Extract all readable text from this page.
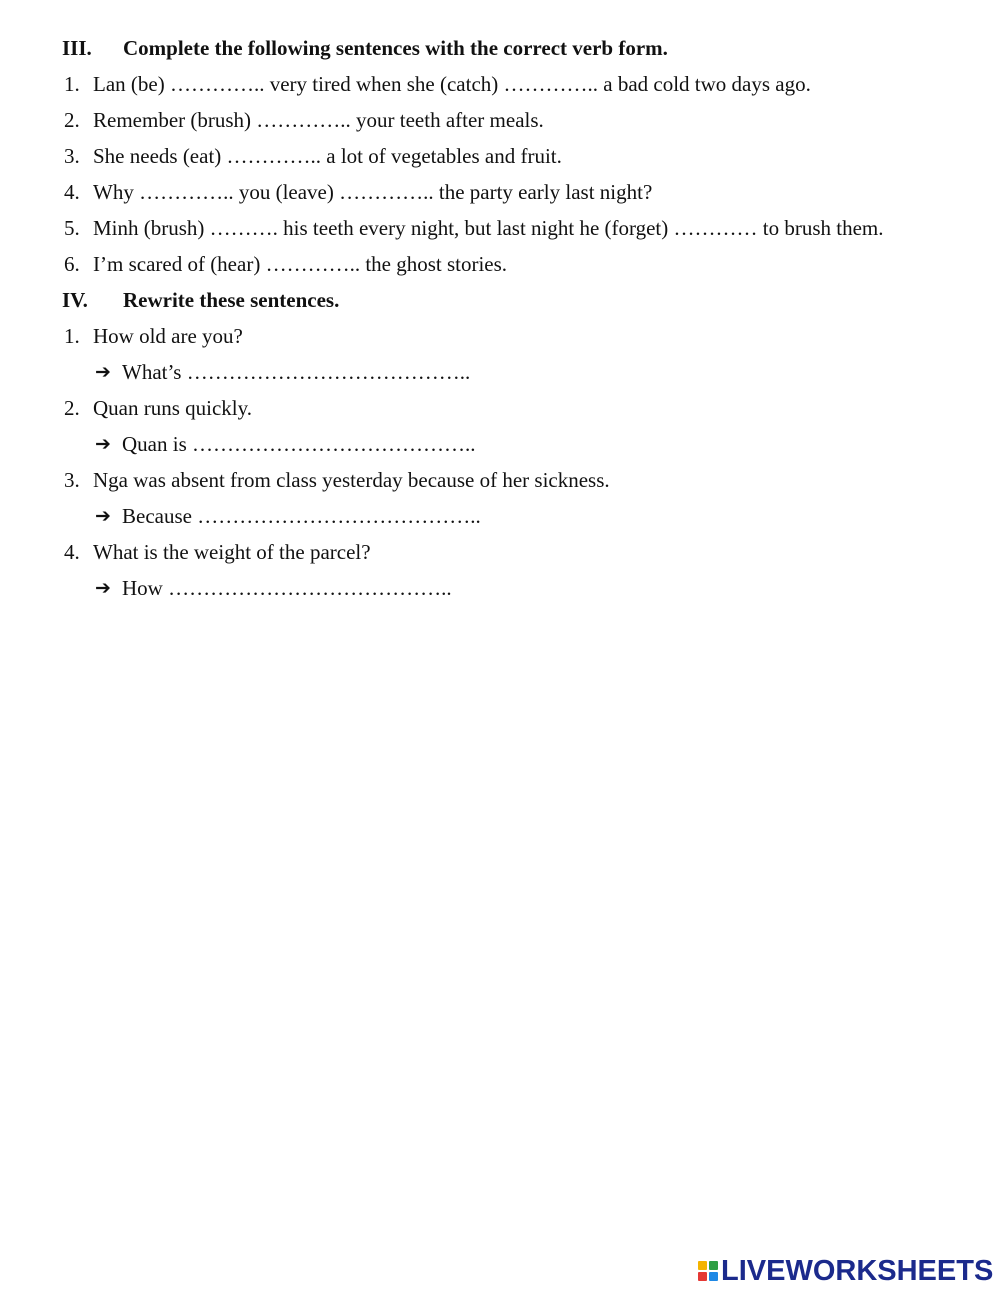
III. Complete the following sentences with the correct verb form.
1. Lan (be) ………….. very tired when she (catch) ………….. a bad cold two days ago.
2. Remember (brush) ………….. your teeth after meals.
3. She needs (eat) ………….. a lot of vegetables and fruit.
4. Why ………….. you (leave) ………….. the party early last night?
5. Minh (brush) ………. his teeth every night, but last night he (forget) ………… to brush them.
6. I’m scared of (hear) ………….. the ghost stories.
IV. Rewrite these sentences.
1. How old are you?
➔ What’s …………………………………..
2. Quan runs quickly.
➔ Quan is …………………………………..
3. Nga was absent from class yesterday because of her sickness.
➔ Because …………………………………..
4. What is the weight of the parcel?
➔ How …………………………………..
LIVEWORKSHEETS
